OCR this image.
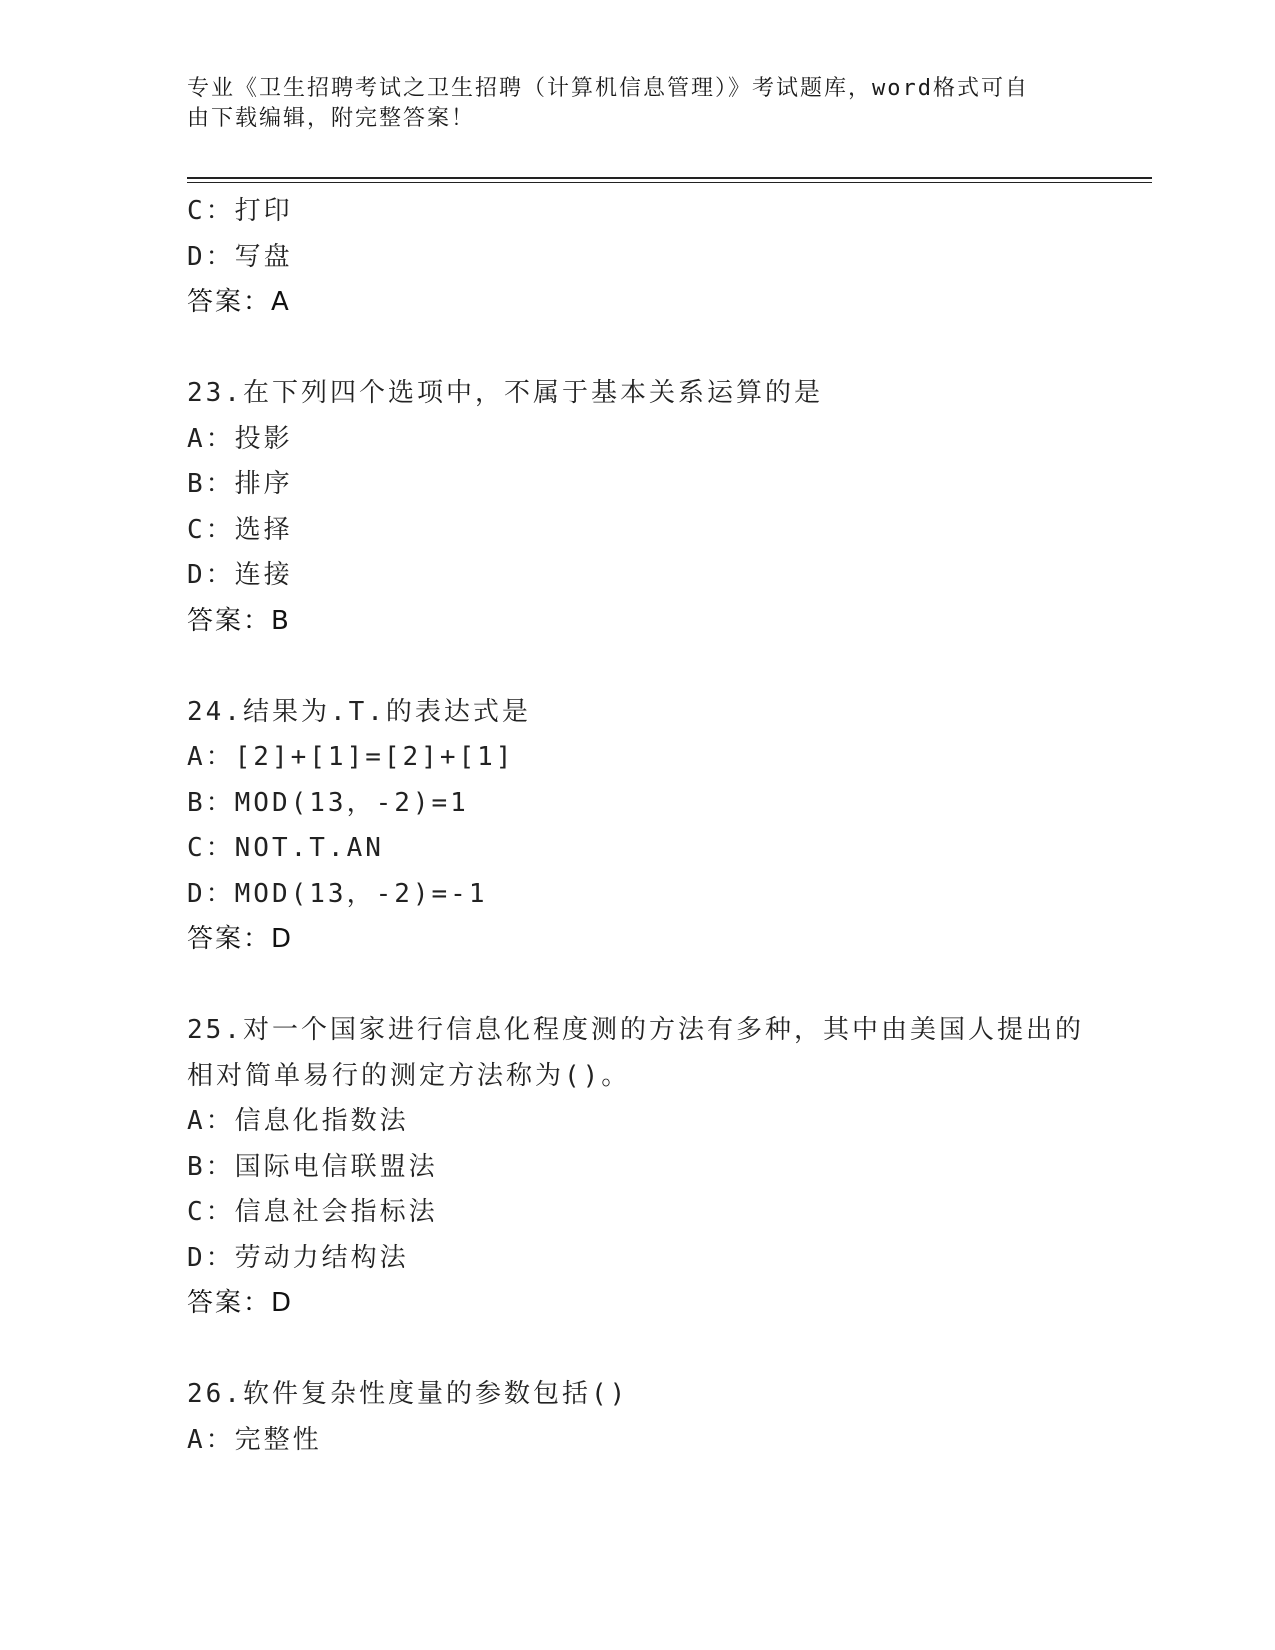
专业《卫生招聘考试之卫生招聘（计算机信息管理）》考试题库，word格式可自
由下载编辑，附完整答案！
C：打印
D：写盘
答案：A
23.在下列四个选项中，不属于基本关系运算的是
A：投影
B：排序
C：选择
D：连接
答案：B
24.结果为.T.的表达式是
A：[2]+[1]=[2]+[1]
B：MOD(13，-2)=1
C：NOT.T.AN
D：MOD(13，-2)=-1
答案：D
25.对一个国家进行信息化程度测的方法有多种，其中由美国人提出的
相对简单易行的测定方法称为()。
A：信息化指数法
B：国际电信联盟法
C：信息社会指标法
D：劳动力结构法
答案：D
26.软件复杂性度量的参数包括()
A：完整性
